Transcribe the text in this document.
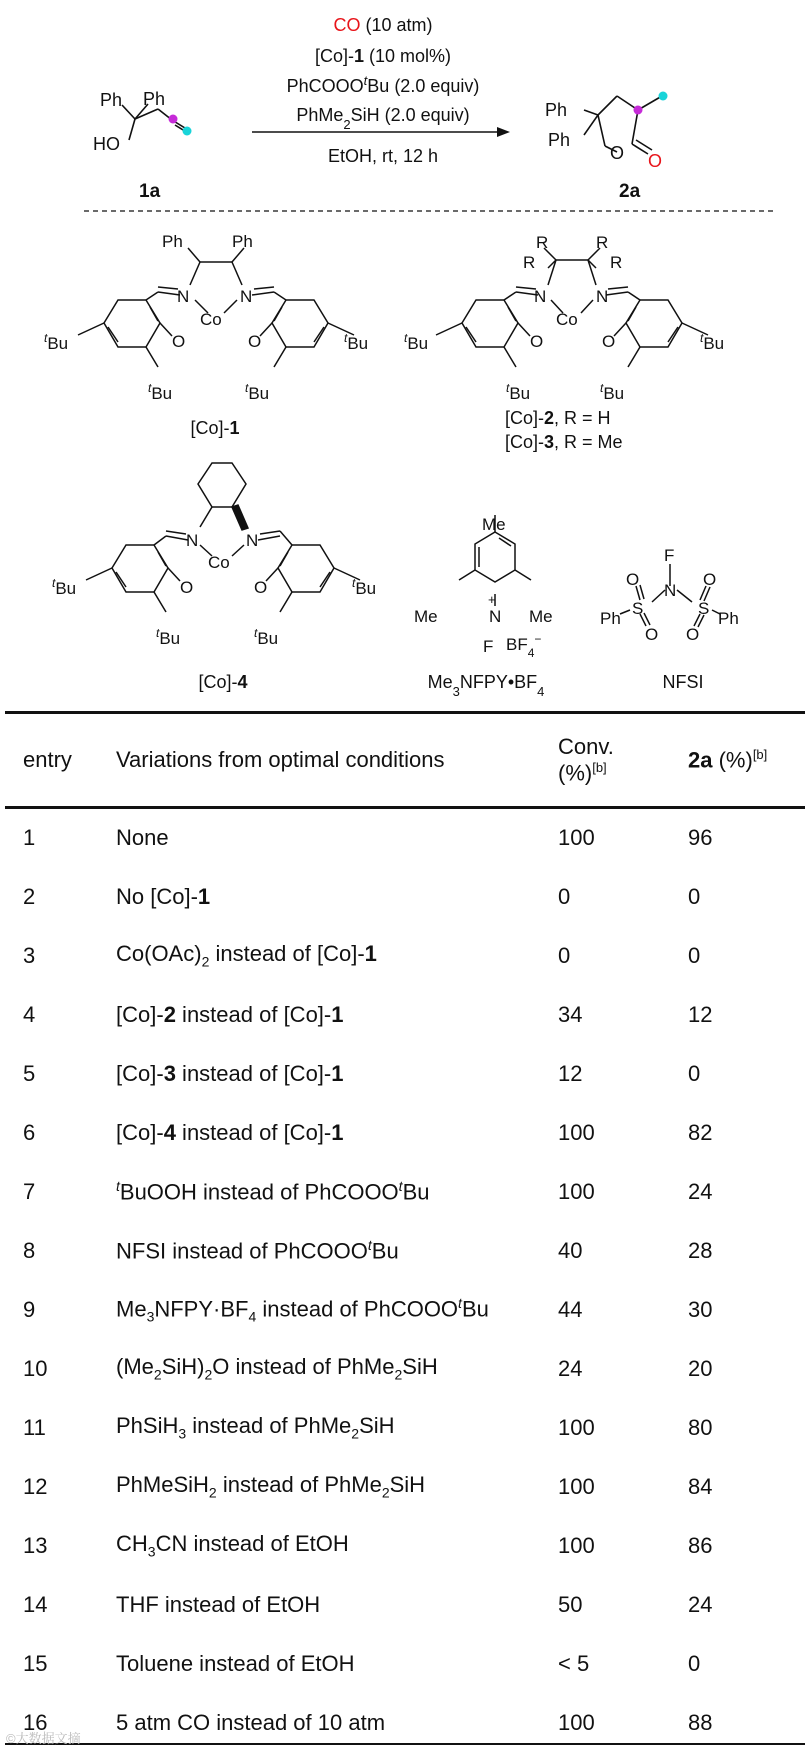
Ph Ph
HO
1a
CO (10 atm)
[Co]-1 (10 mol%)
PhCOOO$^t$Bu (2.0 equiv)
PhMe$_2$SiH (2.0 equiv)
EtOH, rt, 12 h
Ph
Ph
O O
2a
Ph	Ph
N	N
Co
O	O
$^t$Bu
$^t$Bu	$^t$Bu
$^t$Bu
[Co]-1
R
R
R
R
N	N
Co
O	O
$^t$Bu
$^t$Bu	$^t$Bu
$^t$Bu
[Co]-2, R = H
[Co]-3, R = Me
N	N
Co
O	O
$^t$Bu
$^t$Bu	$^t$Bu
$^t$Bu
[Co]-4
Me
Me	Me
N
+
F $BF_4^-$
$Me_3NFPY•BF_4$
F
N
S	S
O
O
O
O
Ph	Ph
NFSI
entry	Variations from optimal conditions	Conv.
(%)[b]	2a (%)[b]
1	None	100	96
2	No [Co]-1	0	0
3	$Co(OAc)_2$ instead of [Co]-1	0	0
4	[Co]-2 instead of [Co]-1	34	12
5	[Co]-3 instead of [Co]-1	12	0
6	[Co]-4 instead of [Co]-1	100	82
7	$^t$BuOOH instead of PhCOOO$^t$Bu	100	24
8	NFSI instead of PhCOOO$^t$Bu	40	28
9	$Me_3NFPY\cdot BF_4$ instead of PhCOOO$^t$Bu	44	30
10	$(Me_2SiH)_2O$ instead of PhMe$_2$SiH	24	20
11	PhSiH$_3$ instead of PhMe$_2$SiH	100	80
12	PhMeSiH$_2$ instead of PhMe$_2$SiH	100	84
13	$CH_3CN$ instead of EtOH	100	86
14	THF instead of EtOH	50	24
15	Toluene instead of EtOH	< 5	0
16	5 atm CO instead of 10 atm	100	88
©大数据文摘
